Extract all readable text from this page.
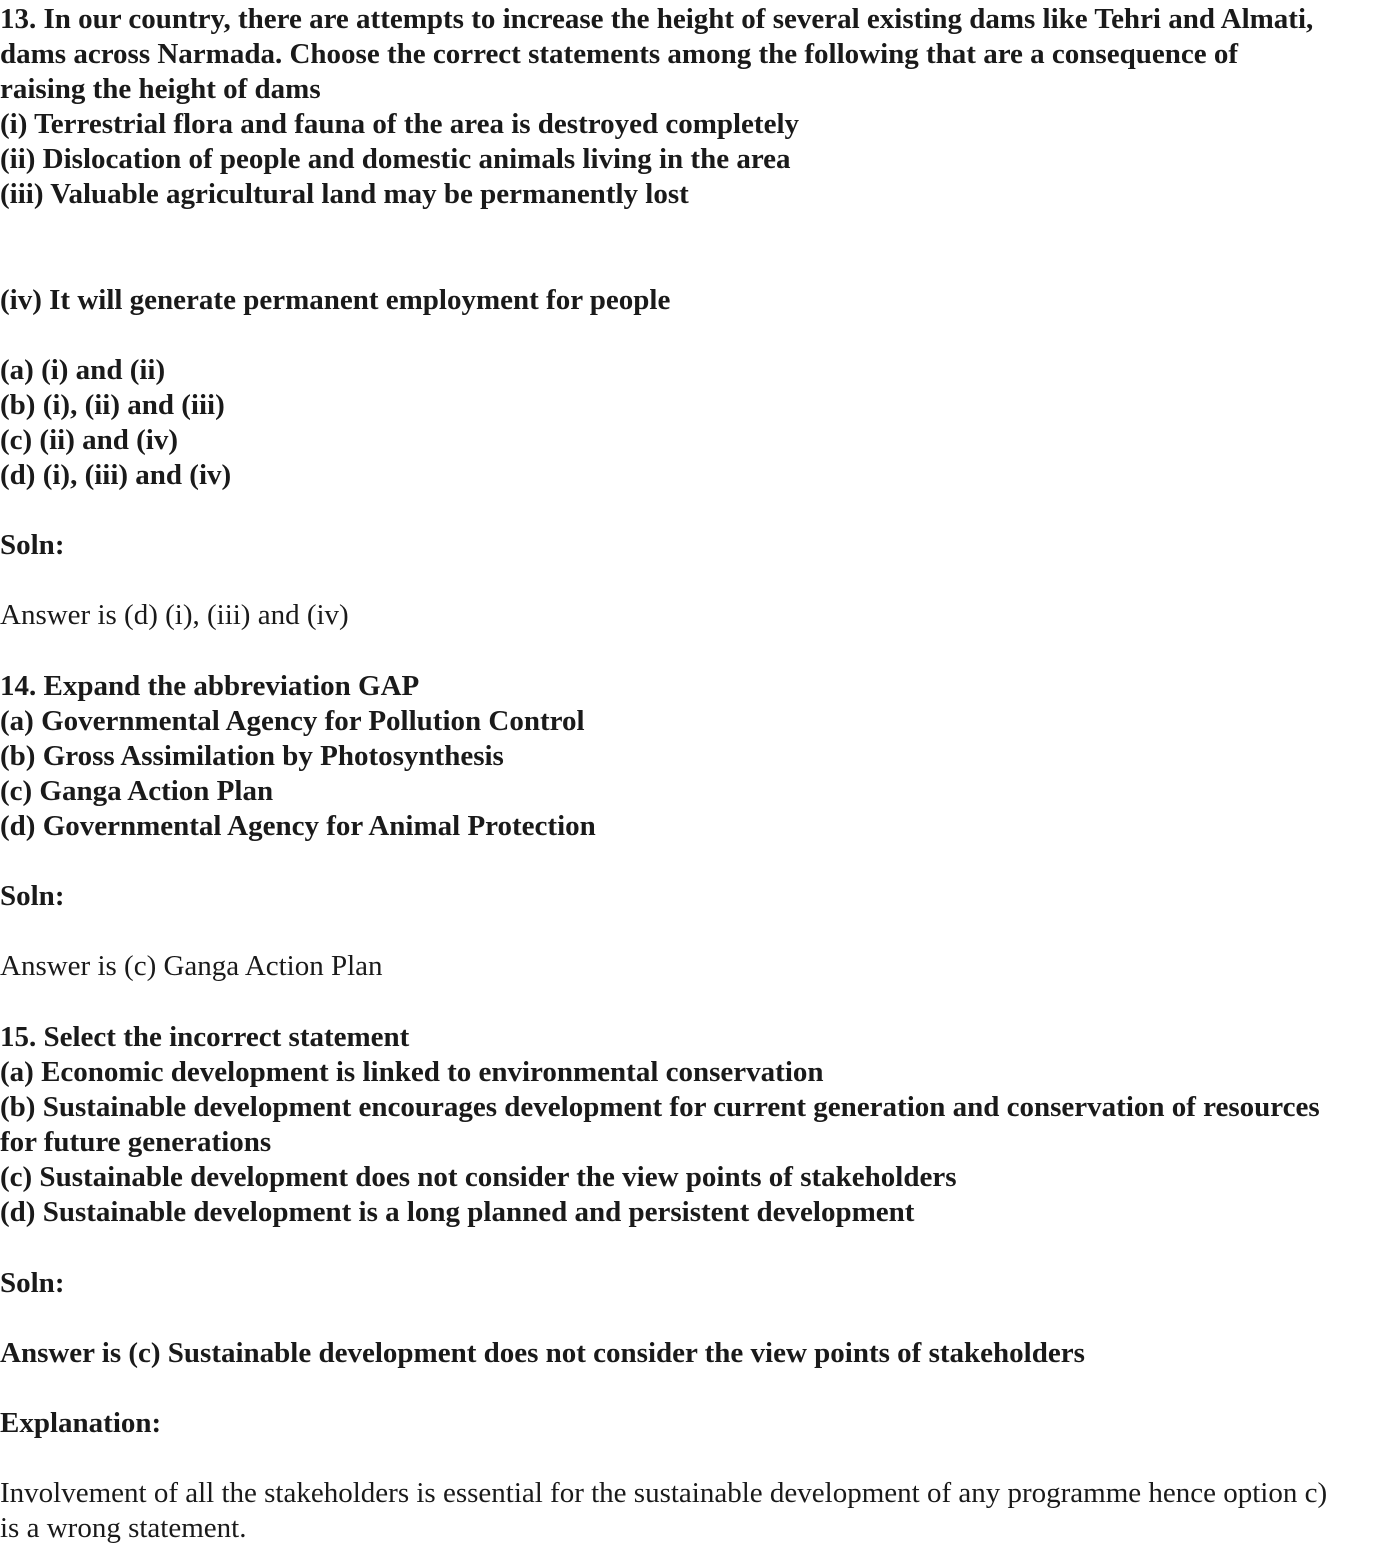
13. In our country, there are attempts to increase the height of several existing dams like Tehri and Almati,
dams across Narmada. Choose the correct statements among the following that are a consequence of
raising the height of dams
(i) Terrestrial flora and fauna of the area is destroyed completely
(ii) Dislocation of people and domestic animals living in the area
(iii) Valuable agricultural land may be permanently lost
(iv) It will generate permanent employment for people
(a) (i) and (ii)
(b) (i), (ii) and (iii)
(c) (ii) and (iv)
(d) (i), (iii) and (iv)
Soln:
Answer is (d) (i), (iii) and (iv)
14. Expand the abbreviation GAP
(a) Governmental Agency for Pollution Control
(b) Gross Assimilation by Photosynthesis
(c) Ganga Action Plan
(d) Governmental Agency for Animal Protection
Soln:
Answer is (c) Ganga Action Plan
15. Select the incorrect statement
(a) Economic development is linked to environmental conservation
(b) Sustainable development encourages development for current generation and conservation of resources
for future generations
(c) Sustainable development does not consider the view points of stakeholders
(d) Sustainable development is a long planned and persistent development
Soln:
Answer is (c) Sustainable development does not consider the view points of stakeholders
Explanation:
Involvement of all the stakeholders is essential for the sustainable development of any programme hence option c)
is a wrong statement.
